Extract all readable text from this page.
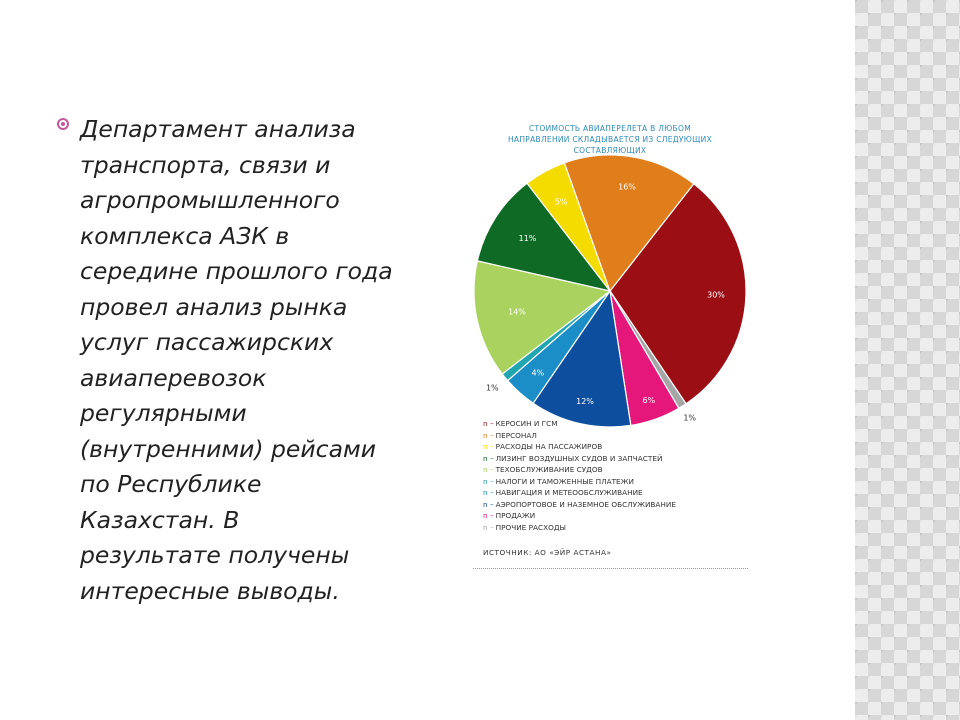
Департамент анализа
транспорта, связи и
агропромышленного
комплекса АЗК в
середине прошлого года
провел анализ рынка
услуг пассажирских
авиаперевозок
регулярными
(внутренними) рейсами
по Республике
Казахстан. В
результате получены
интересные выводы.
СТОИМОСТЬ АВИАПЕРЕЛЕТА В ЛЮБОМ
НАПРАВЛЕНИИ СКЛАДЫВАЕТСЯ ИЗ СЛЕДУЮЩИХ
СОСТАВЛЯЮЩИХ
30%
1%
6%
12%
4%
1%
14%
11%
5%
16%
n – КЕРОСИН И ГСМ
n – ПЕРСОНАЛ
n – РАСХОДЫ НА ПАССАЖИРОВ
n – ЛИЗИНГ ВОЗДУШНЫХ СУДОВ И ЗАПЧАСТЕЙ
n – ТЕХОБСЛУЖИВАНИЕ СУДОВ
n – НАЛОГИ И ТАМОЖЕННЫЕ ПЛАТЕЖИ
n – НАВИГАЦИЯ И МЕТЕООБСЛУЖИВАНИЕ
n – АЭРОПОРТОВОЕ И НАЗЕМНОЕ ОБСЛУЖИВАНИЕ
n – ПРОДАЖИ
n – ПРОЧИЕ РАСХОДЫ
ИСТОЧНИК: АО «ЭЙР АСТАНА»
